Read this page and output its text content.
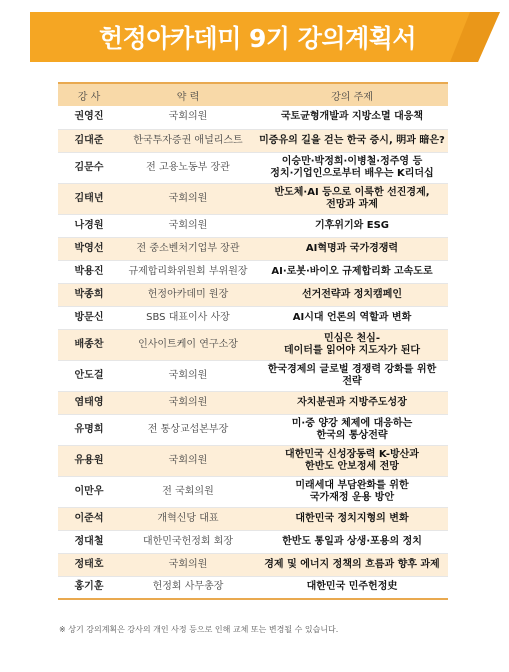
헌정아카데미 9기 강의계획서
강 사	약 력	강의 주제
권영진	국회의원	국토균형개발과 지방소멸 대응책

김대준	한국투자증권 애널리스트	미증유의 길을 걷는 한국 증시, 明과 暗은?

김문수	전 고용노동부 장관	이승만·박정희·이병철·정주영 등
정치·기업인으로부터 배우는 K리더십

김태년	국회의원	반도체·AI 등으로 이룩한 선진경제,
전망과 과제

나경원	국회의원	기후위기와 ESG

박영선	전 중소벤처기업부 장관	AI혁명과 국가경쟁력

박용진	규제합리화위원회 부위원장	AI·로봇·바이오 규제합리화 고속도로

박종희	헌정아카데미 원장	선거전략과 정치캠페인

방문신	SBS 대표이사 사장	AI시대 언론의 역할과 변화

배종찬	인사이트케이 연구소장	민심은 천심-
데이터를 읽어야 지도자가 된다

안도걸	국회의원	한국경제의 글로벌 경쟁력 강화를 위한
전략

염태영	국회의원	자치분권과 지방주도성장

유명희	전 통상교섭본부장	미·중 양강 체제에 대응하는
한국의 통상전략

유용원	국회의원	대한민국 신성장동력 K-방산과
한반도 안보정세 전망

이만우	전 국회의원	미래세대 부담완화를 위한
국가재정 운용 방안

이준석	개혁신당 대표	대한민국 정치지형의 변화

정대철	대한민국헌정회 회장	한반도 통일과 상생·포용의 정치

정태호	국회의원	경제 및 에너지 정책의 흐름과 향후 과제

홍기훈	헌정회 사무총장	대한민국 민주헌정史
※ 상기 강의계획은 강사의 개인 사정 등으로 인해 교체 또는 변경될 수 있습니다.
